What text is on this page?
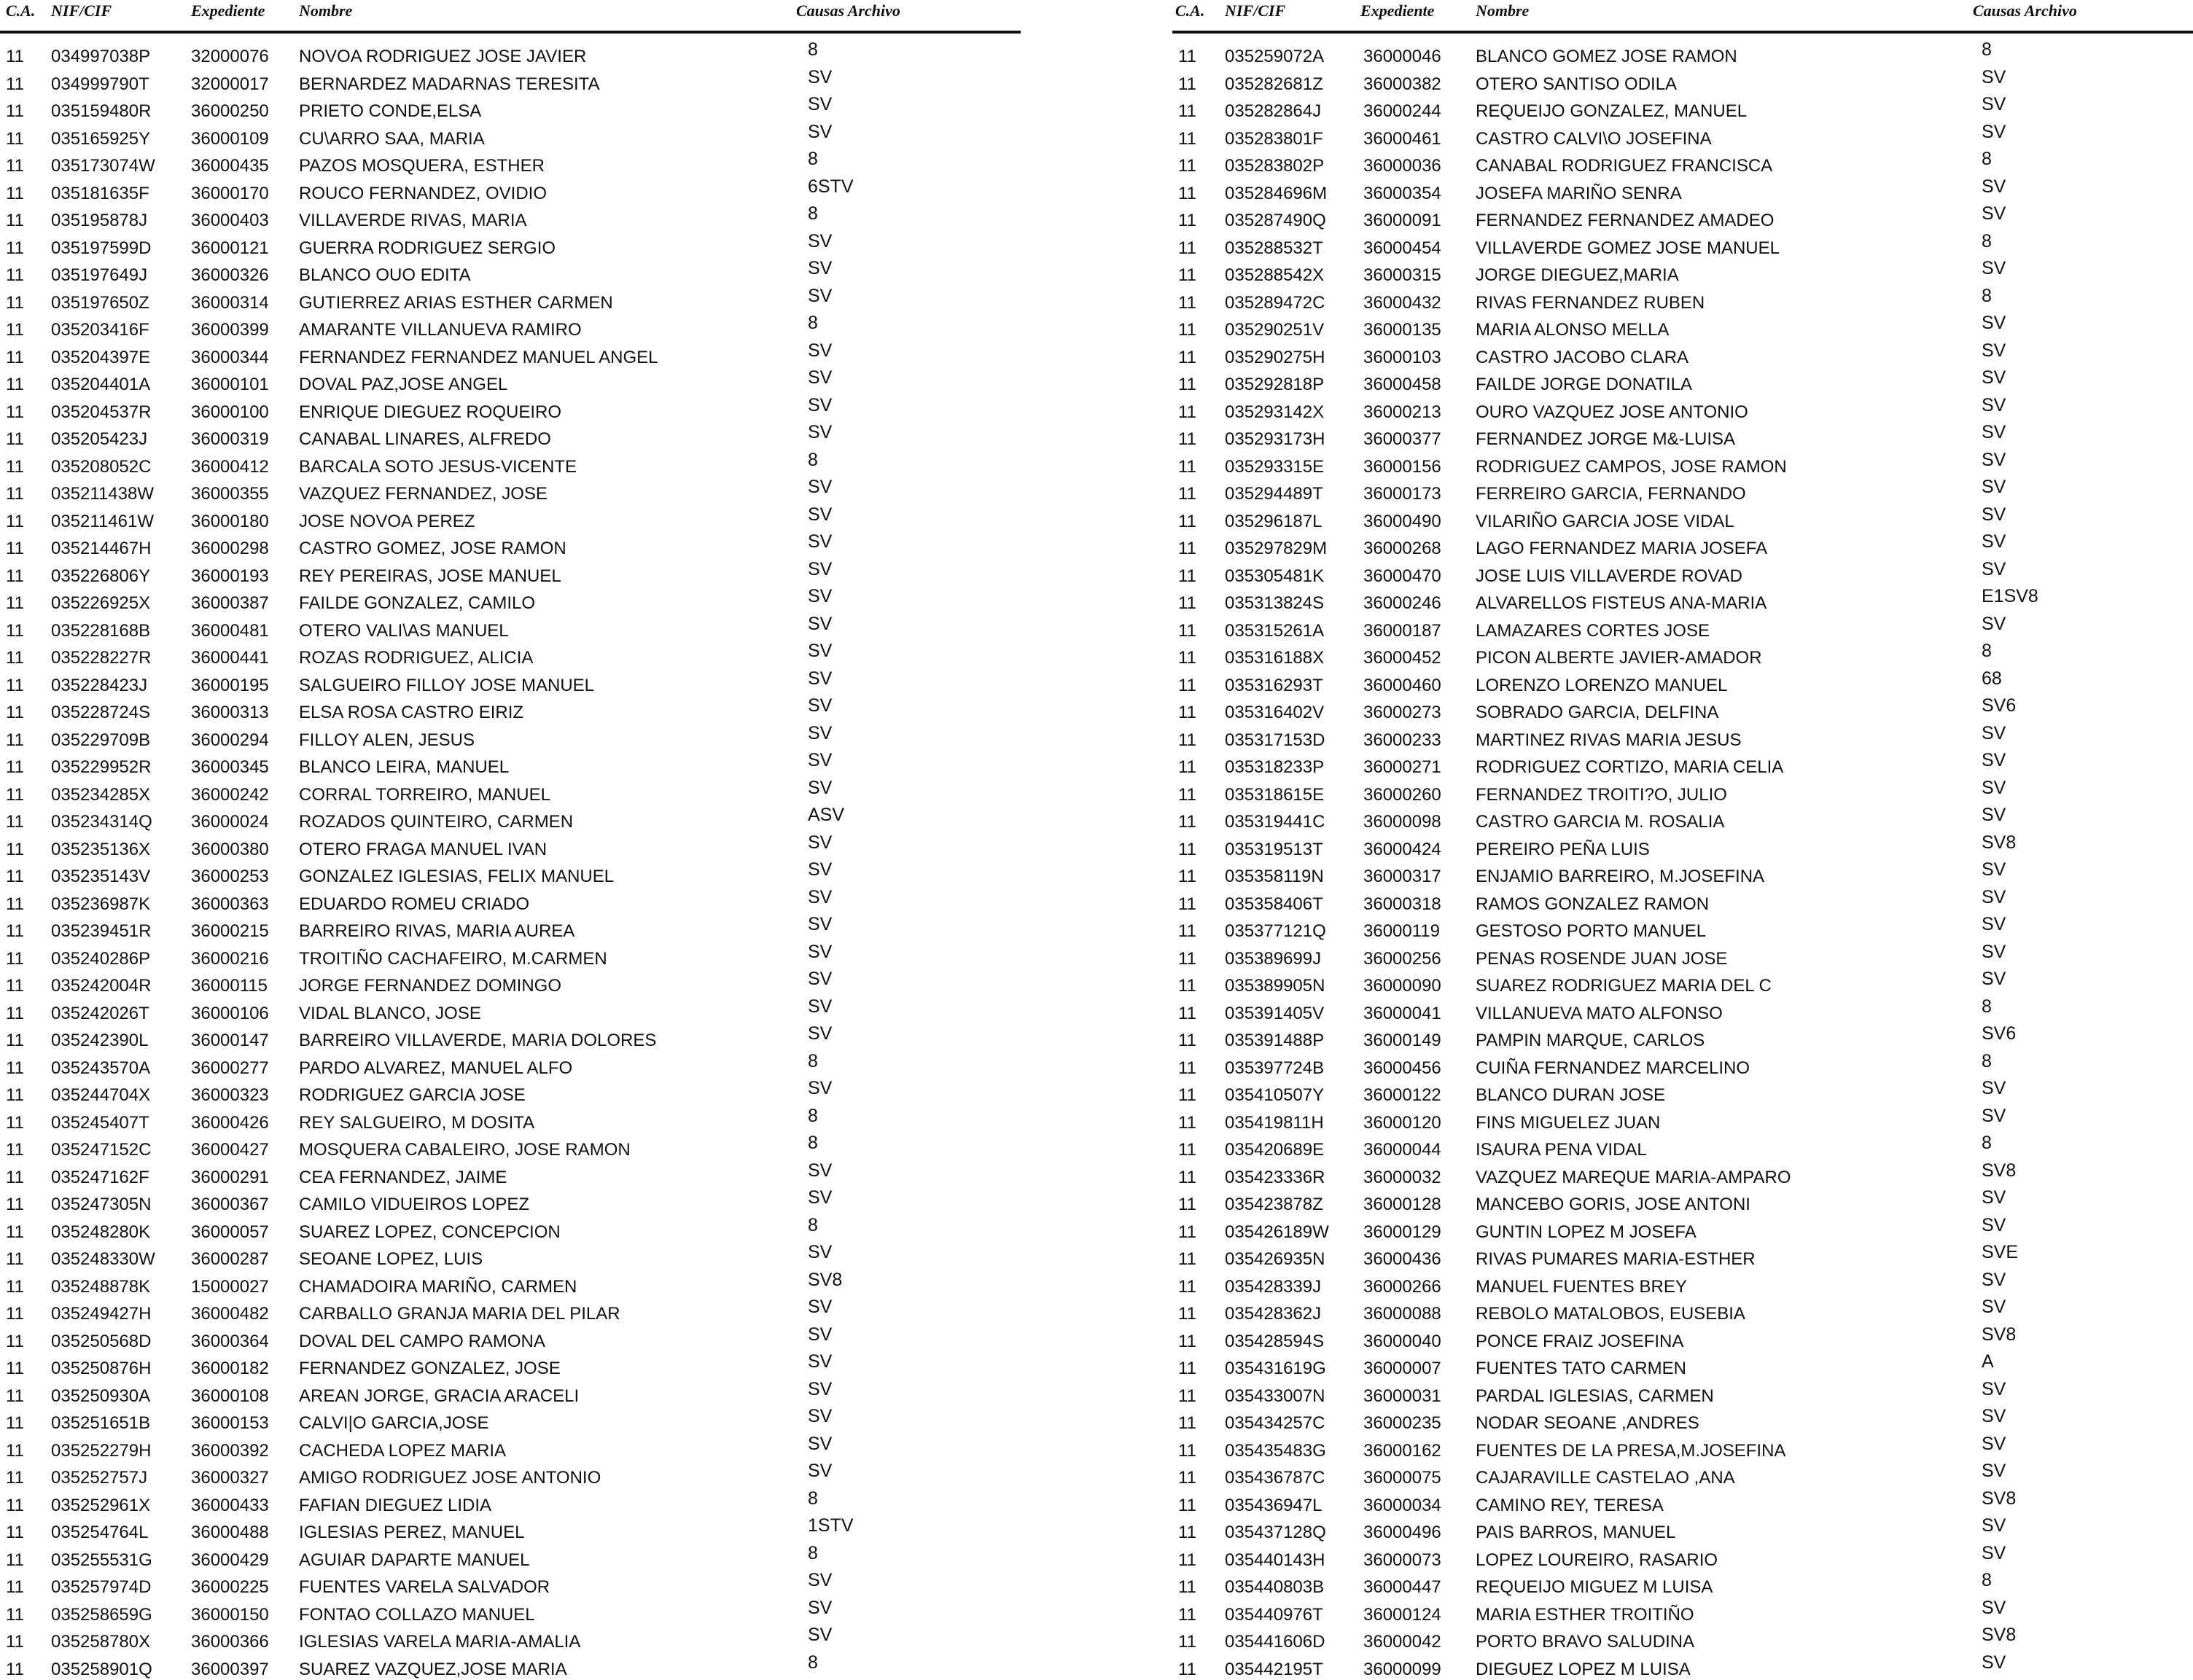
C.A. NIF/CIF	Expediente Nombre	Causas Archivo
11 034997038P 32000076 NOVOA RODRIGUEZ JOSE JAVIER	8
11 034999790T 32000017 BERNARDEZ MADARNAS TERESITA	SV
11 035159480R 36000250 PRIETO CONDE,ELSA	SV
11 035165925Y 36000109 CU\ARRO SAA, MARIA	SV
11 035173074W 36000435 PAZOS MOSQUERA, ESTHER	8
11 035181635F 36000170 ROUCO FERNANDEZ, OVIDIO	6STV
11 035195878J 36000403 VILLAVERDE RIVAS, MARIA	8
11 035197599D 36000121 GUERRA RODRIGUEZ SERGIO	SV
11 035197649J 36000326 BLANCO OUO EDITA	SV
11 035197650Z 36000314 GUTIERREZ ARIAS ESTHER CARMEN	SV
11 035203416F 36000399 AMARANTE VILLANUEVA RAMIRO	8
11 035204397E 36000344 FERNANDEZ FERNANDEZ MANUEL ANGEL	SV
11 035204401A 36000101 DOVAL PAZ,JOSE ANGEL	SV
11 035204537R 36000100 ENRIQUE DIEGUEZ ROQUEIRO	SV
11 035205423J 36000319 CANABAL LINARES, ALFREDO	SV
11 035208052C 36000412 BARCALA SOTO JESUS-VICENTE	8
11 035211438W 36000355 VAZQUEZ FERNANDEZ, JOSE	SV
11 035211461W 36000180 JOSE NOVOA PEREZ	SV
11 035214467H 36000298 CASTRO GOMEZ, JOSE RAMON	SV
11 035226806Y 36000193 REY PEREIRAS, JOSE MANUEL	SV
11 035226925X 36000387 FAILDE GONZALEZ, CAMILO	SV
11 035228168B 36000481 OTERO VALI\AS MANUEL	SV
11 035228227R 36000441 ROZAS RODRIGUEZ, ALICIA	SV
11 035228423J 36000195 SALGUEIRO FILLOY JOSE MANUEL	SV
11 035228724S 36000313 ELSA ROSA CASTRO EIRIZ	SV
11 035229709B 36000294 FILLOY ALEN, JESUS	SV
11 035229952R 36000345 BLANCO LEIRA, MANUEL	SV
11 035234285X 36000242 CORRAL TORREIRO, MANUEL	SV
11 035234314Q 36000024 ROZADOS QUINTEIRO, CARMEN	ASV
11 035235136X 36000380 OTERO FRAGA MANUEL IVAN	SV
11 035235143V 36000253 GONZALEZ IGLESIAS, FELIX MANUEL	SV
11 035236987K 36000363 EDUARDO ROMEU CRIADO	SV
11 035239451R 36000215 BARREIRO RIVAS, MARIA AUREA	SV
11 035240286P 36000216 TROITIÑO CACHAFEIRO, M.CARMEN	SV
11 035242004R 36000115 JORGE FERNANDEZ DOMINGO	SV
11 035242026T 36000106 VIDAL BLANCO, JOSE	SV
11 035242390L 36000147 BARREIRO VILLAVERDE, MARIA DOLORES	SV
11 035243570A 36000277 PARDO ALVAREZ, MANUEL ALFO	8
11 035244704X 36000323 RODRIGUEZ GARCIA JOSE	SV
11 035245407T 36000426 REY SALGUEIRO, M DOSITA	8
11 035247152C 36000427 MOSQUERA CABALEIRO, JOSE RAMON	8
11 035247162F 36000291 CEA FERNANDEZ, JAIME	SV
11 035247305N 36000367 CAMILO VIDUEIROS LOPEZ	SV
11 035248280K 36000057 SUAREZ LOPEZ, CONCEPCION	8
11 035248330W 36000287 SEOANE LOPEZ, LUIS	SV
11 035248878K 15000027 CHAMADOIRA MARIÑO, CARMEN	SV8
11 035249427H 36000482 CARBALLO GRANJA MARIA DEL PILAR	SV
11 035250568D 36000364 DOVAL DEL CAMPO RAMONA	SV
11 035250876H 36000182 FERNANDEZ GONZALEZ, JOSE	SV
11 035250930A 36000108 AREAN JORGE, GRACIA ARACELI	SV
11 035251651B 36000153 CALVI|O GARCIA,JOSE	SV
11 035252279H 36000392 CACHEDA LOPEZ MARIA	SV
11 035252757J 36000327 AMIGO RODRIGUEZ JOSE ANTONIO	SV
11 035252961X 36000433 FAFIAN DIEGUEZ LIDIA	8
11 035254764L 36000488 IGLESIAS PEREZ, MANUEL	1STV
11 035255531G 36000429 AGUIAR DAPARTE MANUEL	8
11 035257974D 36000225 FUENTES VARELA SALVADOR	SV
11 035258659G 36000150 FONTAO COLLAZO MANUEL	SV
11 035258780X 36000366 IGLESIAS VARELA MARIA-AMALIA	SV
11 035258901Q 36000397 SUAREZ VAZQUEZ,JOSE MARIA	8
C.A. NIF/CIF	Expediente	Nombre	Causas Archivo
11 035259072A 36000046 BLANCO GOMEZ JOSE RAMON	8
11 035282681Z 36000382 OTERO SANTISO ODILA	SV
11 035282864J 36000244 REQUEIJO GONZALEZ, MANUEL	SV
11 035283801F 36000461 CASTRO CALVI\O JOSEFINA	SV
11 035283802P 36000036 CANABAL RODRIGUEZ FRANCISCA	8
11 035284696M 36000354 JOSEFA MARIÑO SENRA	SV
11 035287490Q 36000091 FERNANDEZ FERNANDEZ AMADEO	SV
11 035288532T 36000454 VILLAVERDE GOMEZ JOSE MANUEL	8
11 035288542X 36000315 JORGE DIEGUEZ,MARIA	SV
11 035289472C 36000432 RIVAS FERNANDEZ RUBEN	8
11 035290251V 36000135 MARIA ALONSO MELLA	SV
11 035290275H 36000103 CASTRO JACOBO CLARA	SV
11 035292818P 36000458 FAILDE JORGE DONATILA	SV
11 035293142X 36000213 OURO VAZQUEZ JOSE ANTONIO	SV
11 035293173H 36000377 FERNANDEZ JORGE M&-LUISA	SV
11 035293315E 36000156 RODRIGUEZ CAMPOS, JOSE RAMON	SV
11 035294489T 36000173 FERREIRO GARCIA, FERNANDO	SV
11 035296187L 36000490 VILARIÑO GARCIA JOSE VIDAL	SV
11 035297829M 36000268 LAGO FERNANDEZ MARIA JOSEFA	SV
11 035305481K 36000470 JOSE LUIS VILLAVERDE ROVAD	SV
11 035313824S 36000246 ALVARELLOS FISTEUS ANA-MARIA	E1SV8
11 035315261A 36000187 LAMAZARES CORTES JOSE	SV
11 035316188X 36000452 PICON ALBERTE JAVIER-AMADOR	8
11 035316293T 36000460 LORENZO LORENZO MANUEL	68
11 035316402V 36000273 SOBRADO GARCIA, DELFINA	SV6
11 035317153D 36000233 MARTINEZ RIVAS MARIA JESUS	SV
11 035318233P 36000271 RODRIGUEZ CORTIZO, MARIA CELIA	SV
11 035318615E 36000260 FERNANDEZ TROITI?O, JULIO	SV
11 035319441C 36000098 CASTRO GARCIA M. ROSALIA	SV
11 035319513T 36000424 PEREIRO PEÑA LUIS	SV8
11 035358119N 36000317 ENJAMIO BARREIRO, M.JOSEFINA	SV
11 035358406T 36000318 RAMOS GONZALEZ RAMON	SV
11 035377121Q 36000119 GESTOSO PORTO MANUEL	SV
11 035389699J 36000256 PENAS ROSENDE JUAN JOSE	SV
11 035389905N 36000090 SUAREZ RODRIGUEZ MARIA DEL C	SV
11 035391405V 36000041 VILLANUEVA MATO ALFONSO	8
11 035391488P 36000149 PAMPIN MARQUE, CARLOS	SV6
11 035397724B 36000456 CUIÑA FERNANDEZ MARCELINO	8
11 035410507Y 36000122 BLANCO DURAN JOSE	SV
11 035419811H 36000120 FINS MIGUELEZ JUAN	SV
11 035420689E 36000044 ISAURA PENA VIDAL	8
11 035423336R 36000032 VAZQUEZ MAREQUE MARIA-AMPARO	SV8
11 035423878Z 36000128 MANCEBO GORIS, JOSE ANTONI	SV
11 035426189W 36000129 GUNTIN LOPEZ M JOSEFA	SV
11 035426935N 36000436 RIVAS PUMARES MARIA-ESTHER	SVE
11 035428339J 36000266 MANUEL FUENTES BREY	SV
11 035428362J 36000088 REBOLO MATALOBOS, EUSEBIA	SV
11 035428594S 36000040 PONCE FRAIZ JOSEFINA	SV8
11 035431619G 36000007 FUENTES TATO CARMEN	A
11 035433007N 36000031 PARDAL IGLESIAS, CARMEN	SV
11 035434257C 36000235 NODAR SEOANE ,ANDRES	SV
11 035435483G 36000162 FUENTES DE LA PRESA,M.JOSEFINA	SV
11 035436787C 36000075 CAJARAVILLE CASTELAO ,ANA	SV
11 035436947L 36000034 CAMINO REY, TERESA	SV8
11 035437128Q 36000496 PAIS BARROS, MANUEL	SV
11 035440143H 36000073 LOPEZ LOUREIRO, RASARIO	SV
11 035440803B 36000447 REQUEIJO MIGUEZ M LUISA	8
11 035440976T 36000124 MARIA ESTHER TROITIÑO	SV
11 035441606D 36000042 PORTO BRAVO SALUDINA	SV8
11 035442195T 36000099 DIEGUEZ LOPEZ M LUISA	SV
